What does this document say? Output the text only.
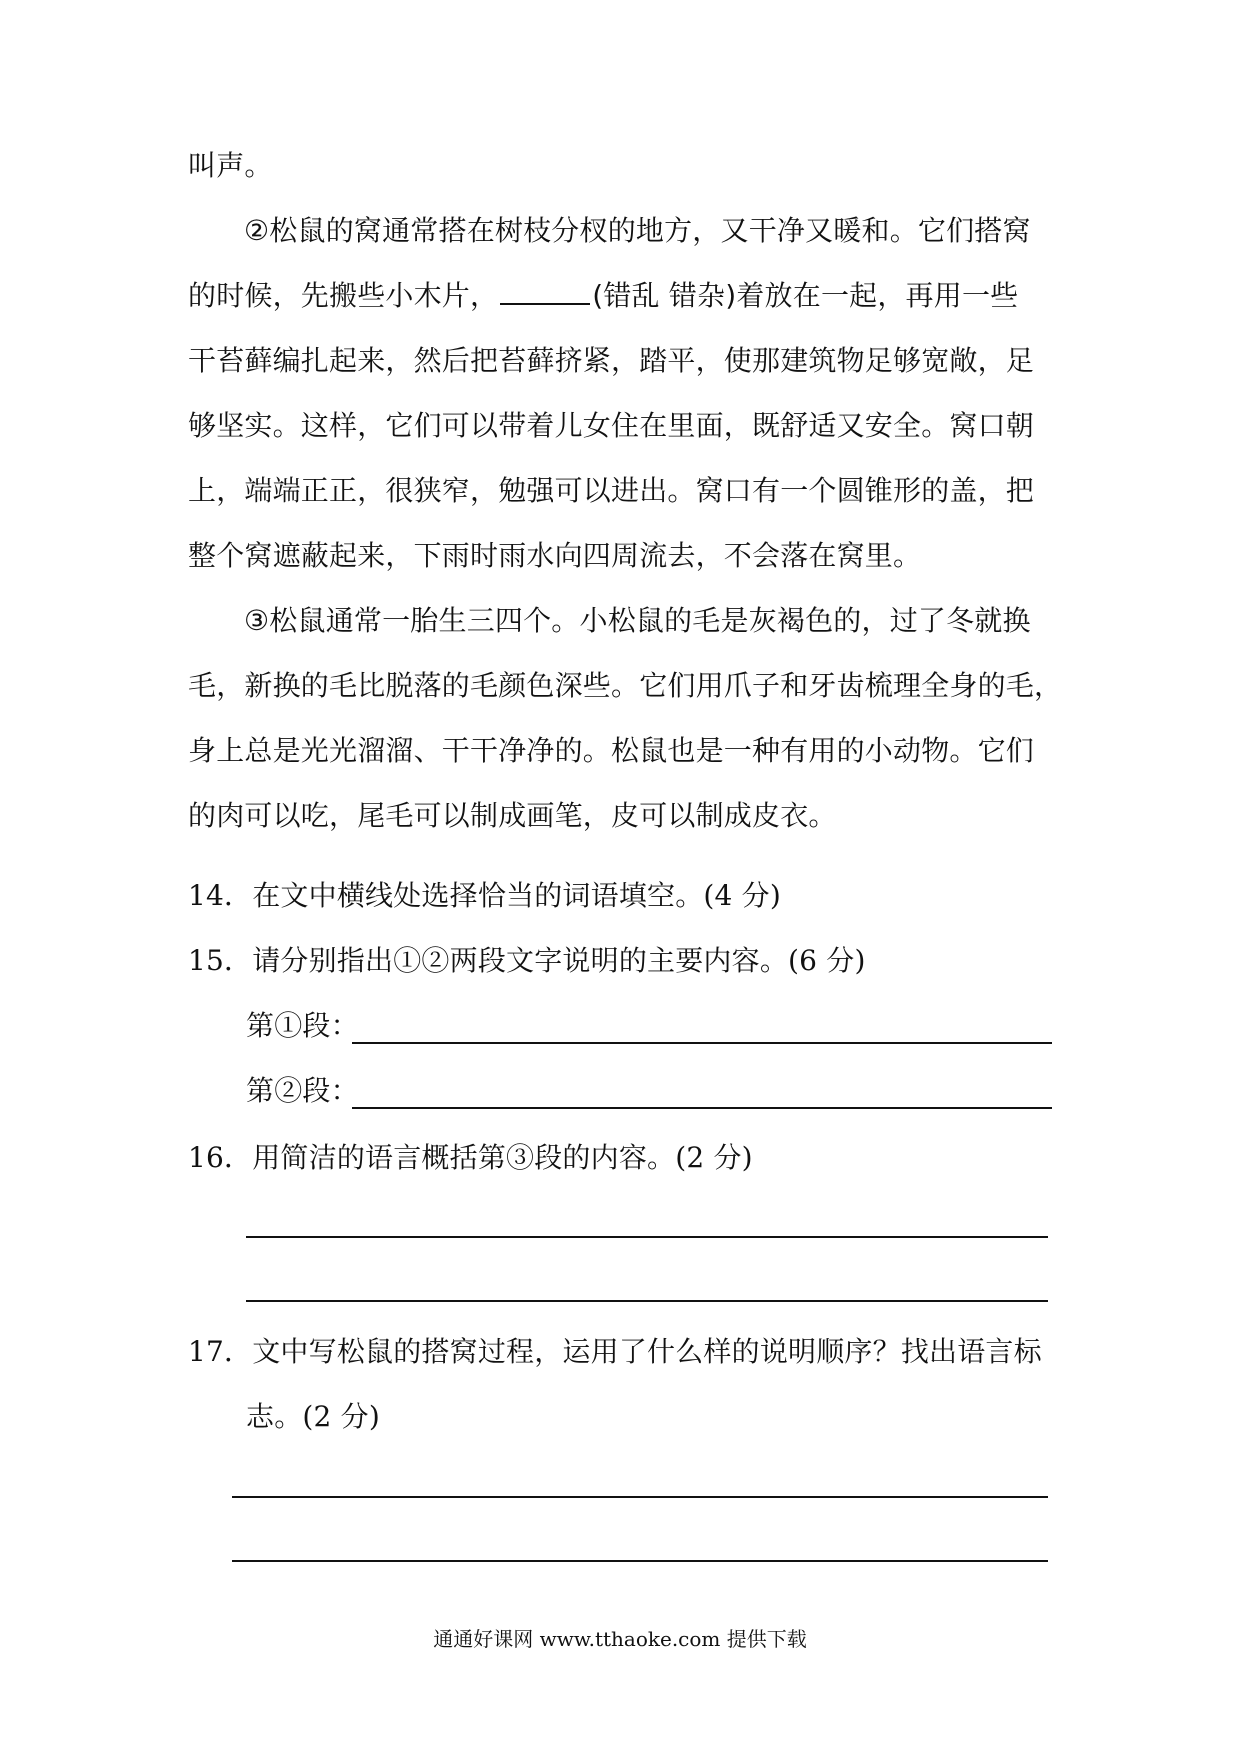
叫声。
②松鼠的窝通常搭在树枝分杈的地方，又干净又暖和。它们搭窝
的时候，先搬些小木片，	(错乱 错杂)着放在一起，再用一些
干苔藓编扎起来，然后把苔藓挤紧，踏平，使那建筑物足够宽敞，足
够坚实。这样，它们可以带着儿女住在里面，既舒适又安全。窝口朝
上，端端正正，很狭窄，勉强可以进出。窝口有一个圆锥形的盖，把
整个窝遮蔽起来，下雨时雨水向四周流去，不会落在窝里。
③松鼠通常一胎生三四个。小松鼠的毛是灰褐色的，过了冬就换
毛，新换的毛比脱落的毛颜色深些。它们用爪子和牙齿梳理全身的毛，
身上总是光光溜溜、干干净净的。松鼠也是一种有用的小动物。它们
的肉可以吃，尾毛可以制成画笔，皮可以制成皮衣。
14．在文中横线处选择恰当的词语填空。(4 分)
15．请分别指出①②两段文字说明的主要内容。(6 分)
第①段：
第②段：
16．用简洁的语言概括第③段的内容。(2 分)
17．文中写松鼠的搭窝过程，运用了什么样的说明顺序？找出语言标
志。(2 分)
通通好课网 www.tthaoke.com 提供下载
